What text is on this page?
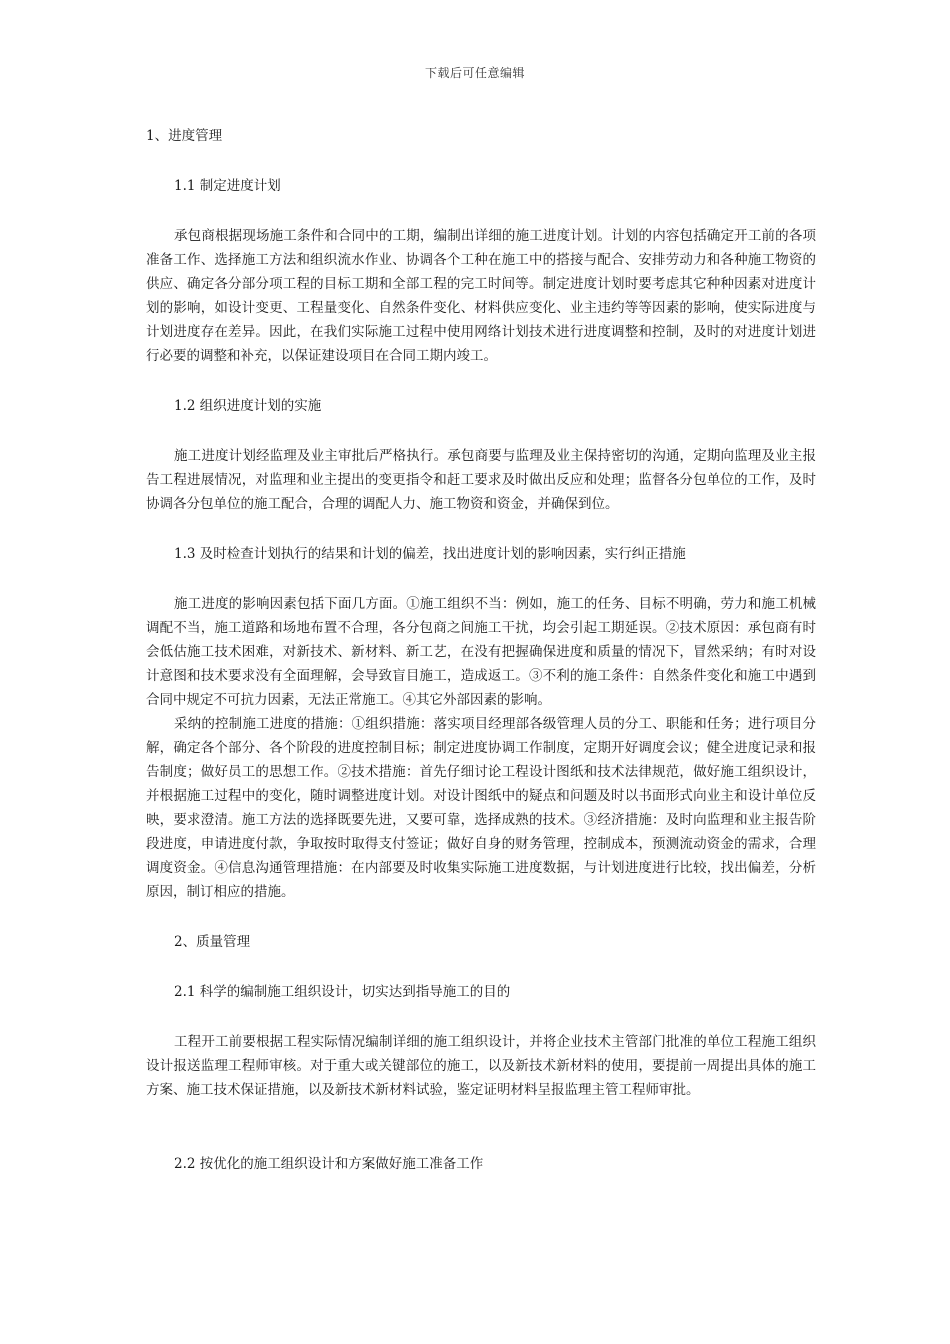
下载后可任意编辑
1、进度管理
1.1 制定进度计划
承包商根据现场施工条件和合同中的工期，编制出详细的施工进度计划。计划的内容包括确定开工前的各项准备工作、选择施工方法和组织流水作业、协调各个工种在施工中的搭接与配合、安排劳动力和各种施工物资的供应、确定各分部分项工程的目标工期和全部工程的完工时间等。制定进度计划时要考虑其它种种因素对进度计划的影响，如设计变更、工程量变化、自然条件变化、材料供应变化、业主违约等等因素的影响，使实际进度与计划进度存在差异。因此，在我们实际施工过程中使用网络计划技术进行进度调整和控制，及时的对进度计划进行必要的调整和补充，以保证建设项目在合同工期内竣工。
1.2 组织进度计划的实施
施工进度计划经监理及业主审批后严格执行。承包商要与监理及业主保持密切的沟通，定期向监理及业主报告工程进展情况，对监理和业主提出的变更指令和赶工要求及时做出反应和处理；监督各分包单位的工作，及时协调各分包单位的施工配合，合理的调配人力、施工物资和资金，并确保到位。
1.3 及时检查计划执行的结果和计划的偏差，找出进度计划的影响因素，实行纠正措施
施工进度的影响因素包括下面几方面。①施工组织不当：例如，施工的任务、目标不明确，劳力和施工机械调配不当，施工道路和场地布置不合理，各分包商之间施工干扰，均会引起工期延误。②技术原因：承包商有时会低估施工技术困难，对新技术、新材料、新工艺，在没有把握确保进度和质量的情况下，冒然采纳；有时对设计意图和技术要求没有全面理解，会导致盲目施工，造成返工。③不利的施工条件：自然条件变化和施工中遇到合同中规定不可抗力因素，无法正常施工。④其它外部因素的影响。
采纳的控制施工进度的措施：①组织措施：落实项目经理部各级管理人员的分工、职能和任务；进行项目分解，确定各个部分、各个阶段的进度控制目标；制定进度协调工作制度，定期开好调度会议；健全进度记录和报告制度；做好员工的思想工作。②技术措施：首先仔细讨论工程设计图纸和技术法律规范，做好施工组织设计，并根据施工过程中的变化，随时调整进度计划。对设计图纸中的疑点和问题及时以书面形式向业主和设计单位反映，要求澄清。施工方法的选择既要先进，又要可靠，选择成熟的技术。③经济措施：及时向监理和业主报告阶段进度，申请进度付款，争取按时取得支付签证；做好自身的财务管理，控制成本，预测流动资金的需求，合理调度资金。④信息沟通管理措施：在内部要及时收集实际施工进度数据，与计划进度进行比较，找出偏差，分析原因，制订相应的措施。
2、质量管理
2.1 科学的编制施工组织设计，切实达到指导施工的目的
工程开工前要根据工程实际情况编制详细的施工组织设计，并将企业技术主管部门批准的单位工程施工组织设计报送监理工程师审核。对于重大或关键部位的施工，以及新技术新材料的使用，要提前一周提出具体的施工方案、施工技术保证措施，以及新技术新材料试验，鉴定证明材料呈报监理主管工程师审批。
2.2 按优化的施工组织设计和方案做好施工准备工作
